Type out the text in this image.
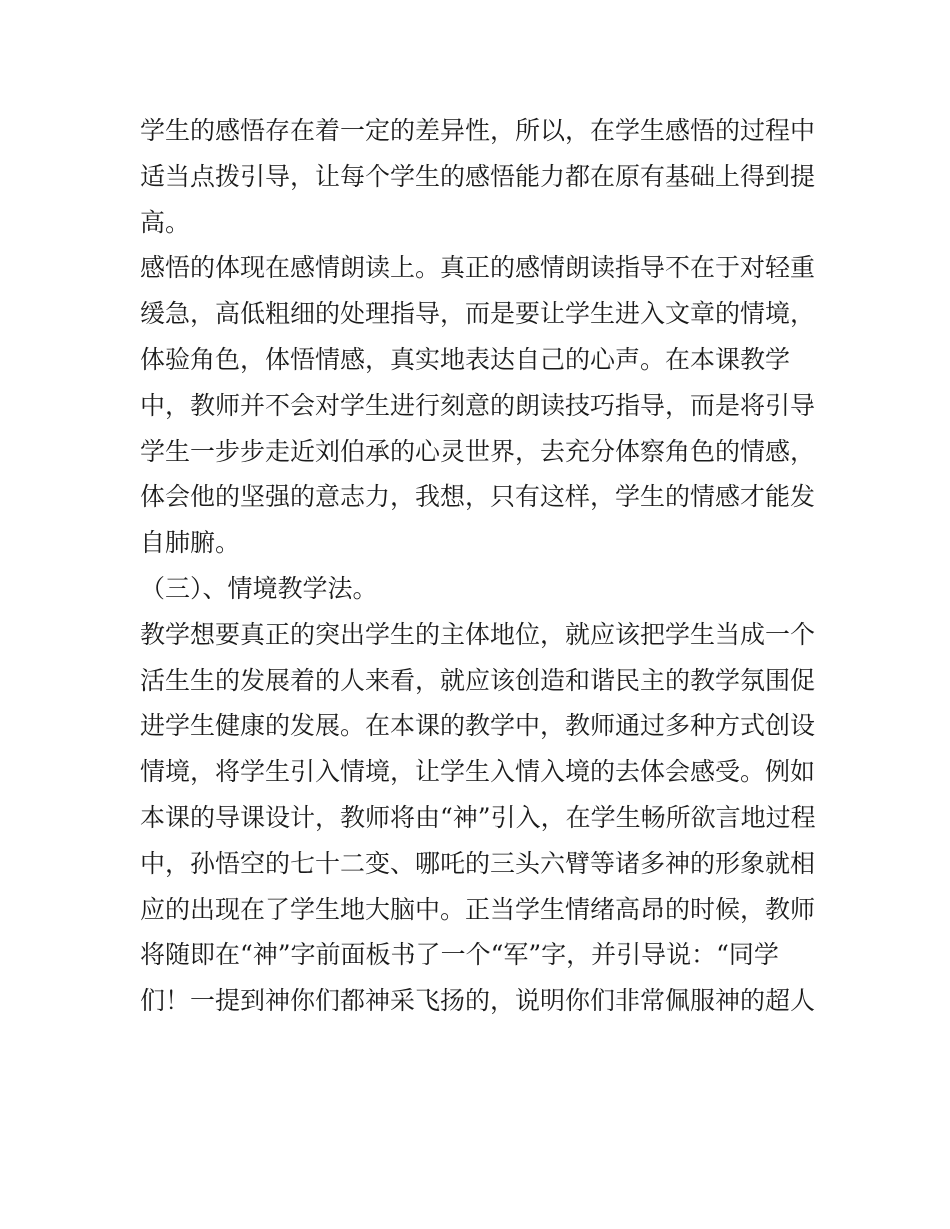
学生的感悟存在着一定的差异性，所以，在学生感悟的过程中
适当点拨引导，让每个学生的感悟能力都在原有基础上得到提
高。
感悟的体现在感情朗读上。真正的感情朗读指导不在于对轻重
缓急，高低粗细的处理指导，而是要让学生进入文章的情境，
体验角色，体悟情感，真实地表达自己的心声。在本课教学
中，教师并不会对学生进行刻意的朗读技巧指导，而是将引导
学生一步步走近刘伯承的心灵世界，去充分体察角色的情感，
体会他的坚强的意志力，我想，只有这样，学生的情感才能发
自肺腑。
（三）、情境教学法。
教学想要真正的突出学生的主体地位，就应该把学生当成一个
活生生的发展着的人来看，就应该创造和谐民主的教学氛围促
进学生健康的发展。在本课的教学中，教师通过多种方式创设
情境，将学生引入情境，让学生入情入境的去体会感受。例如
本课的导课设计，教师将由“神”引入，在学生畅所欲言地过程
中，孙悟空的七十二变、哪吒的三头六臂等诸多神的形象就相
应的出现在了学生地大脑中。正当学生情绪高昂的时候，教师
将随即在“神”字前面板书了一个“军”字，并引导说：“同学
们！一提到神你们都神采飞扬的，说明你们非常佩服神的超人
